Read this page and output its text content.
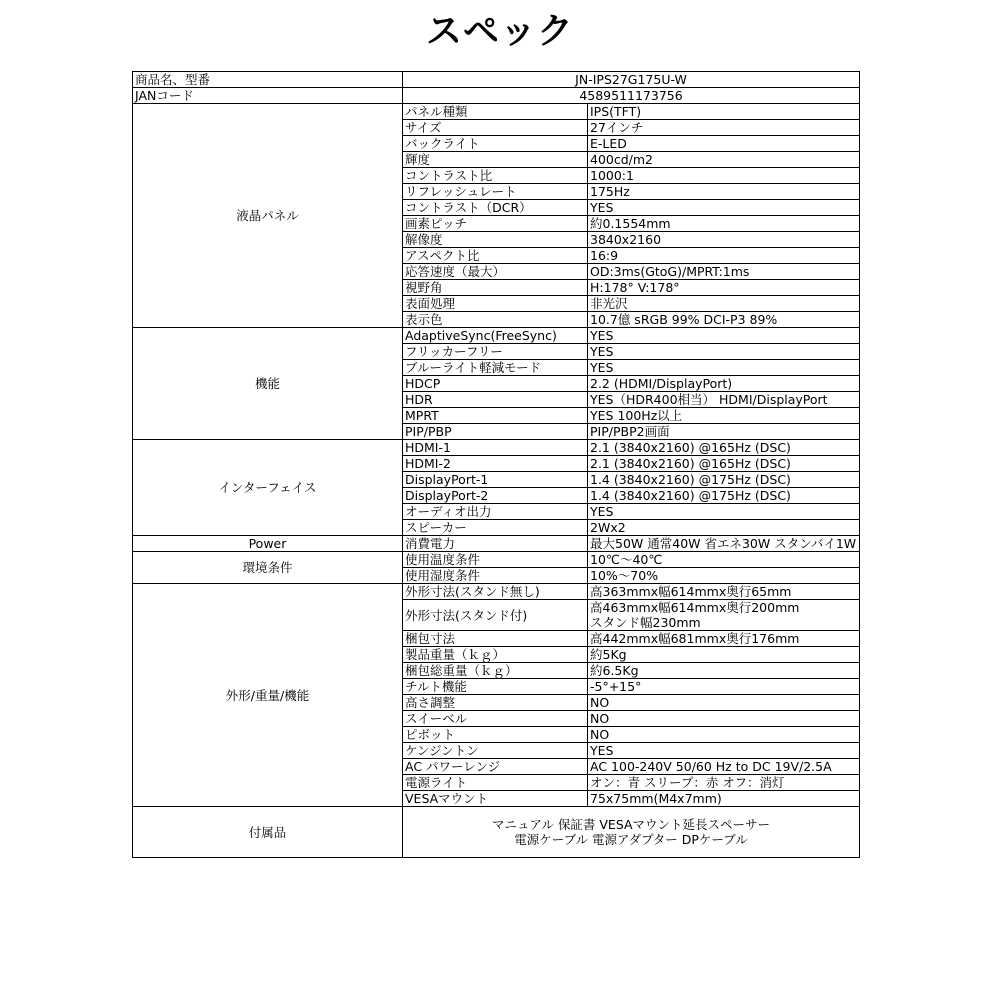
スペック
商品名、型番	JN-IPS27G175U-W	
JANコード	4589511173756	
液晶パネル	パネル種類	IPS(TFT)
	サイズ	27インチ
	バックライト	E-LED
	輝度	400cd/m2
	コントラスト比	1000:1
	リフレッシュレート	175Hz
	コントラスト（DCR）	YES
	画素ピッチ	約0.1554mm
	解像度	3840x2160
	アスペクト比	16:9
	応答速度（最大）	OD:3ms(GtoG)/MPRT:1ms
	視野角	H:178° V:178°
	表面処理	非光沢
	表示色	10.7億 sRGB 99% DCI-P3 89%
機能	AdaptiveSync(FreeSync)	YES
	フリッカーフリー	YES
	ブルーライト軽減モード	YES
	HDCP	2.2 (HDMI/DisplayPort)
	HDR	YES（HDR400相当） HDMI/DisplayPort
	MPRT	YES 100Hz以上
	PIP/PBP	PIP/PBP2画面
インターフェイス	HDMI-1	2.1 (3840x2160) @165Hz (DSC)
	HDMI-2	2.1 (3840x2160) @165Hz (DSC)
	DisplayPort-1	1.4 (3840x2160) @175Hz (DSC)
	DisplayPort-2	1.4 (3840x2160) @175Hz (DSC)
	オーディオ出力	YES
	スピーカー	2Wx2
Power	消費電力	最大50W 通常40W 省エネ30W スタンバイ1W
環境条件	使用温度条件	10℃～40℃
	使用湿度条件	10%～70%
外形/重量/機能	外形寸法(スタンド無し)	高363mmx幅614mmx奥行65mm
	外形寸法(スタンド付)	高463mmx幅614mmx奥行200mm
スタンド幅230mm

	梱包寸法	高442mmx幅681mmx奥行176mm
	製品重量（ｋｇ）	約5Kg
	梱包総重量（ｋｇ）	約6.5Kg
	チルト機能	-5°+15°
	高さ調整	NO
	スイーベル	NO
	ピボット	NO
	ケンジントン	YES
	AC パワーレンジ	AC 100-240V 50/60 Hz to DC 19V/2.5A
	電源ライト	オン：青 スリープ：赤 オフ：消灯
	VESAマウント	75x75mm(M4x7mm)
付属品	マニュアル 保証書 VESAマウント延長スペーサー
電源ケーブル 電源アダプター DPケーブル	
